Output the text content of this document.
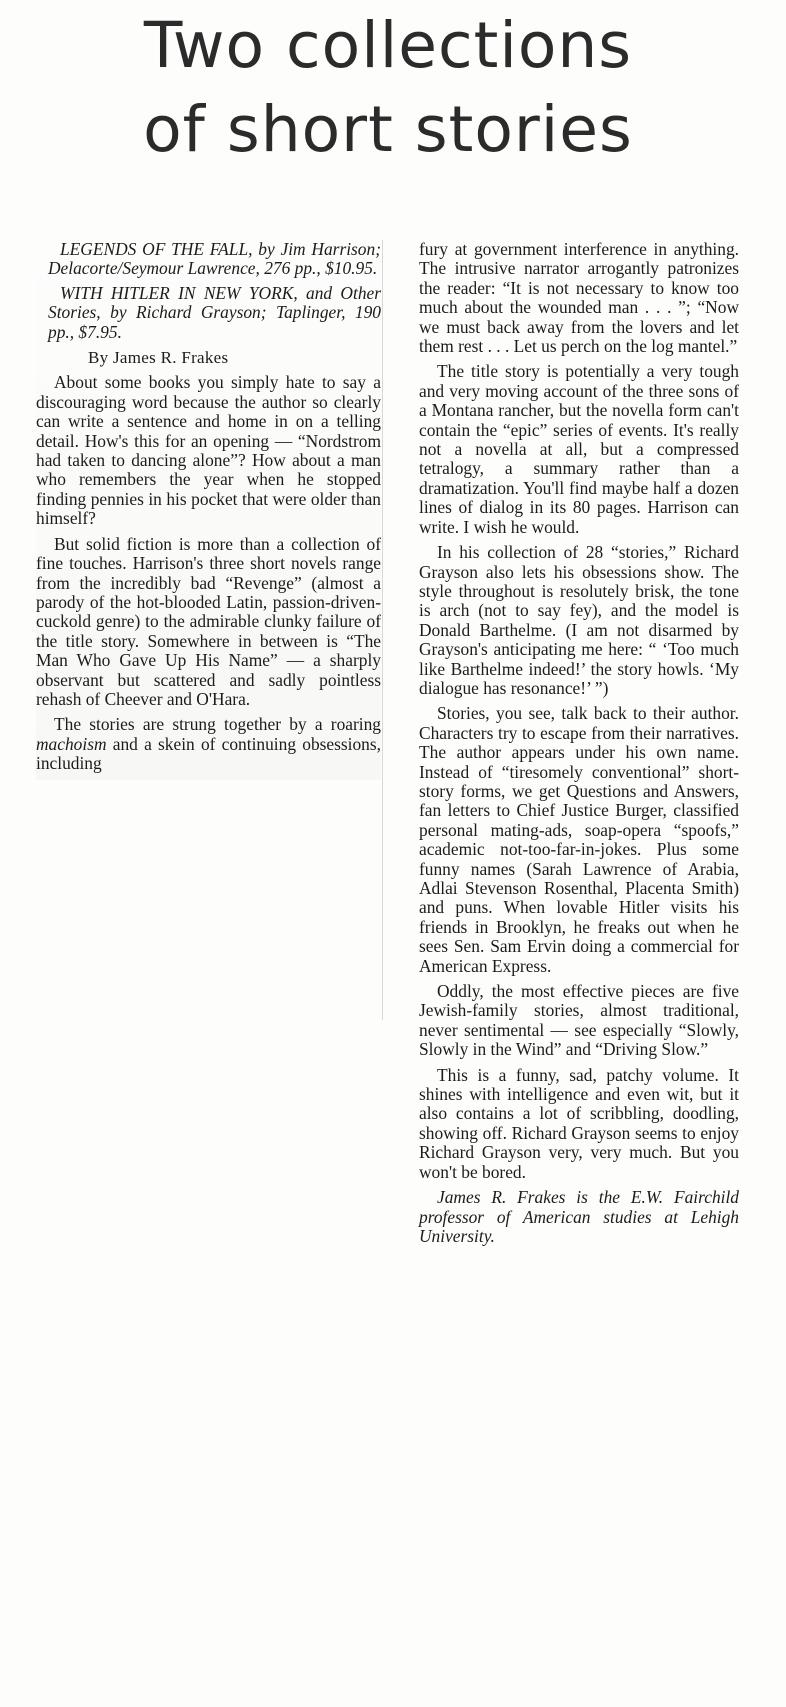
Two collections
of short stories

LEGENDS OF THE FALL, by Jim Harrison; Delacorte/Seymour Lawrence, 276 pp., $10.95.

WITH HITLER IN NEW YORK, and Other Stories, by Richard Grayson; Taplinger, 190 pp., $7.95.

By James R. Frakes

About some books you simply hate to say a discouraging word because the author so clearly can write a sentence and home in on a telling detail. How's this for an opening — “Nordstrom had taken to dancing alone”? How about a man who remembers the year when he stopped finding pennies in his pocket that were older than himself?

But solid fiction is more than a collection of fine touches. Harrison's three short novels range from the incredibly bad “Revenge” (almost a parody of the hot-blooded Latin, passion-driven-cuckold genre) to the admirable clunky failure of the title story. Somewhere in between is “The Man Who Gave Up His Name” — a sharply observant but scattered and sadly pointless rehash of Cheever and O'Hara.

The stories are strung together by a roaring machoism and a skein of continuing obsessions, including

fury at government interference in anything. The intrusive narrator arrogantly patronizes the reader: “It is not necessary to know too much about the wounded man . . . ”; “Now we must back away from the lovers and let them rest . . . Let us perch on the log mantel.”

The title story is potentially a very tough and very moving account of the three sons of a Montana rancher, but the novella form can't contain the “epic” series of events. It's really not a novella at all, but a compressed tetralogy, a summary rather than a dramatization. You'll find maybe half a dozen lines of dialog in its 80 pages. Harrison can write. I wish he would.

In his collection of 28 “stories,” Richard Grayson also lets his obsessions show. The style throughout is resolutely brisk, the tone is arch (not to say fey), and the model is Donald Barthelme. (I am not disarmed by Grayson's anticipating me here: “ ‘Too much like Barthelme indeed!’ the story howls. ‘My dialogue has resonance!’ ”)

Stories, you see, talk back to their author. Characters try to escape from their narratives. The author appears under his own name. Instead of “tiresomely conventional” short-story forms, we get Questions and Answers, fan letters to Chief Justice Burger, classified personal mating-ads, soap-opera “spoofs,” academic not-too-far-in-jokes. Plus some funny names (Sarah Lawrence of Arabia, Adlai Stevenson Rosenthal, Placenta Smith) and puns. When lovable Hitler visits his friends in Brooklyn, he freaks out when he sees Sen. Sam Ervin doing a commercial for American Express.

Oddly, the most effective pieces are five Jewish-family stories, almost traditional, never sentimental — see especially “Slowly, Slowly in the Wind” and “Driving Slow.”

This is a funny, sad, patchy volume. It shines with intelligence and even wit, but it also contains a lot of scribbling, doodling, showing off. Richard Grayson seems to enjoy Richard Grayson very, very much. But you won't be bored.

James R. Frakes is the E.W. Fairchild professor of American studies at Lehigh University.
